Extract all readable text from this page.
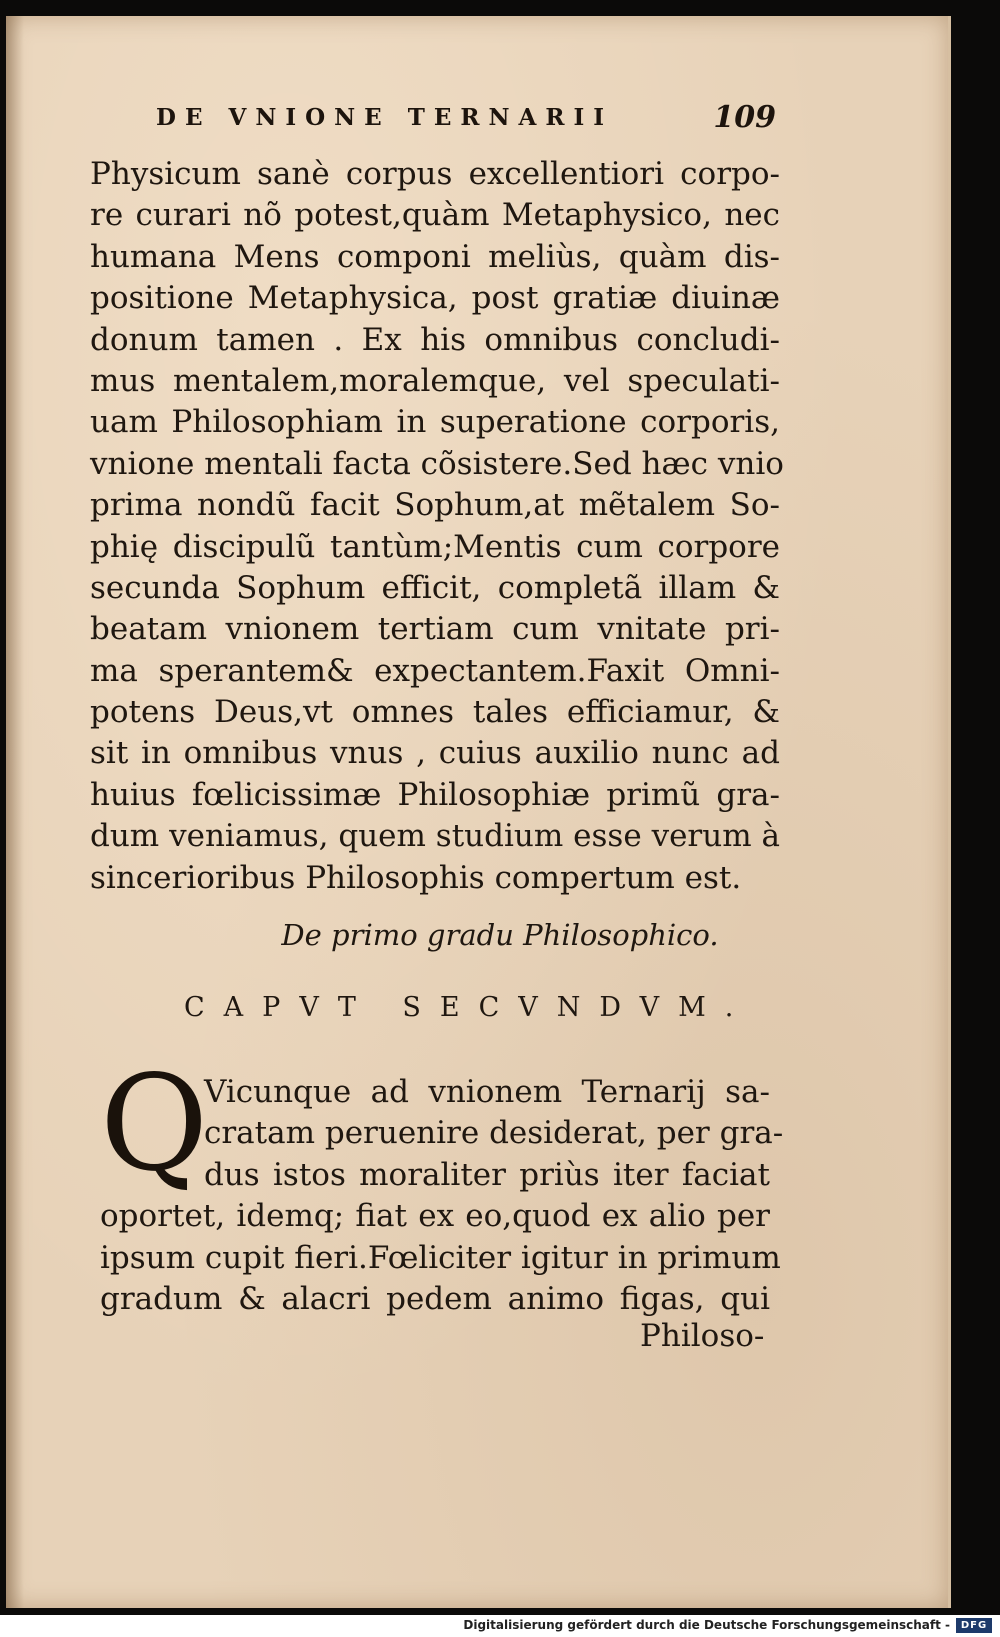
DE VNIONE TERNARII	109
Physicum sanè corpus excellentiori corpo-
re curari nõ potest,quàm Metaphysico, nec
humana Mens componi meliùs, quàm dis-
positione Metaphysica, post gratiæ diuinæ
donum tamen . Ex his omnibus concludi-
mus mentalem,moralemque, vel speculati-
uam Philosophiam in superatione corporis,
vnione mentali facta cõsistere.Sed hæc vnio
prima nondũ facit Sophum,at mẽtalem So-
phię discipulũ tantùm;Mentis cum corpore
secunda Sophum efficit, completã illam &
beatam vnionem tertiam cum vnitate pri-
ma sperantem& expectantem.Faxit Omni-
potens Deus,vt omnes tales efficiamur, &
sit in omnibus vnus , cuius auxilio nunc ad
huius fœlicissimæ Philosophiæ primũ gra-
dum veniamus, quem studium esse verum à
sincerioribus Philosophis compertum est.
De primo gradu Philosophico.
CAPVT SECVNDVM.
Q
Vicunque ad vnionem Ternarij sa-
cratam peruenire desiderat, per gra-
dus istos moraliter priùs iter faciat
oportet, idemq; fiat ex eo,quod ex alio per
ipsum cupit fieri.Fœliciter igitur in primum
gradum & alacri pedem animo figas, qui
Philoso-
Digitalisierung gefördert durch die Deutsche Forschungsgemeinschaft -	DFG
